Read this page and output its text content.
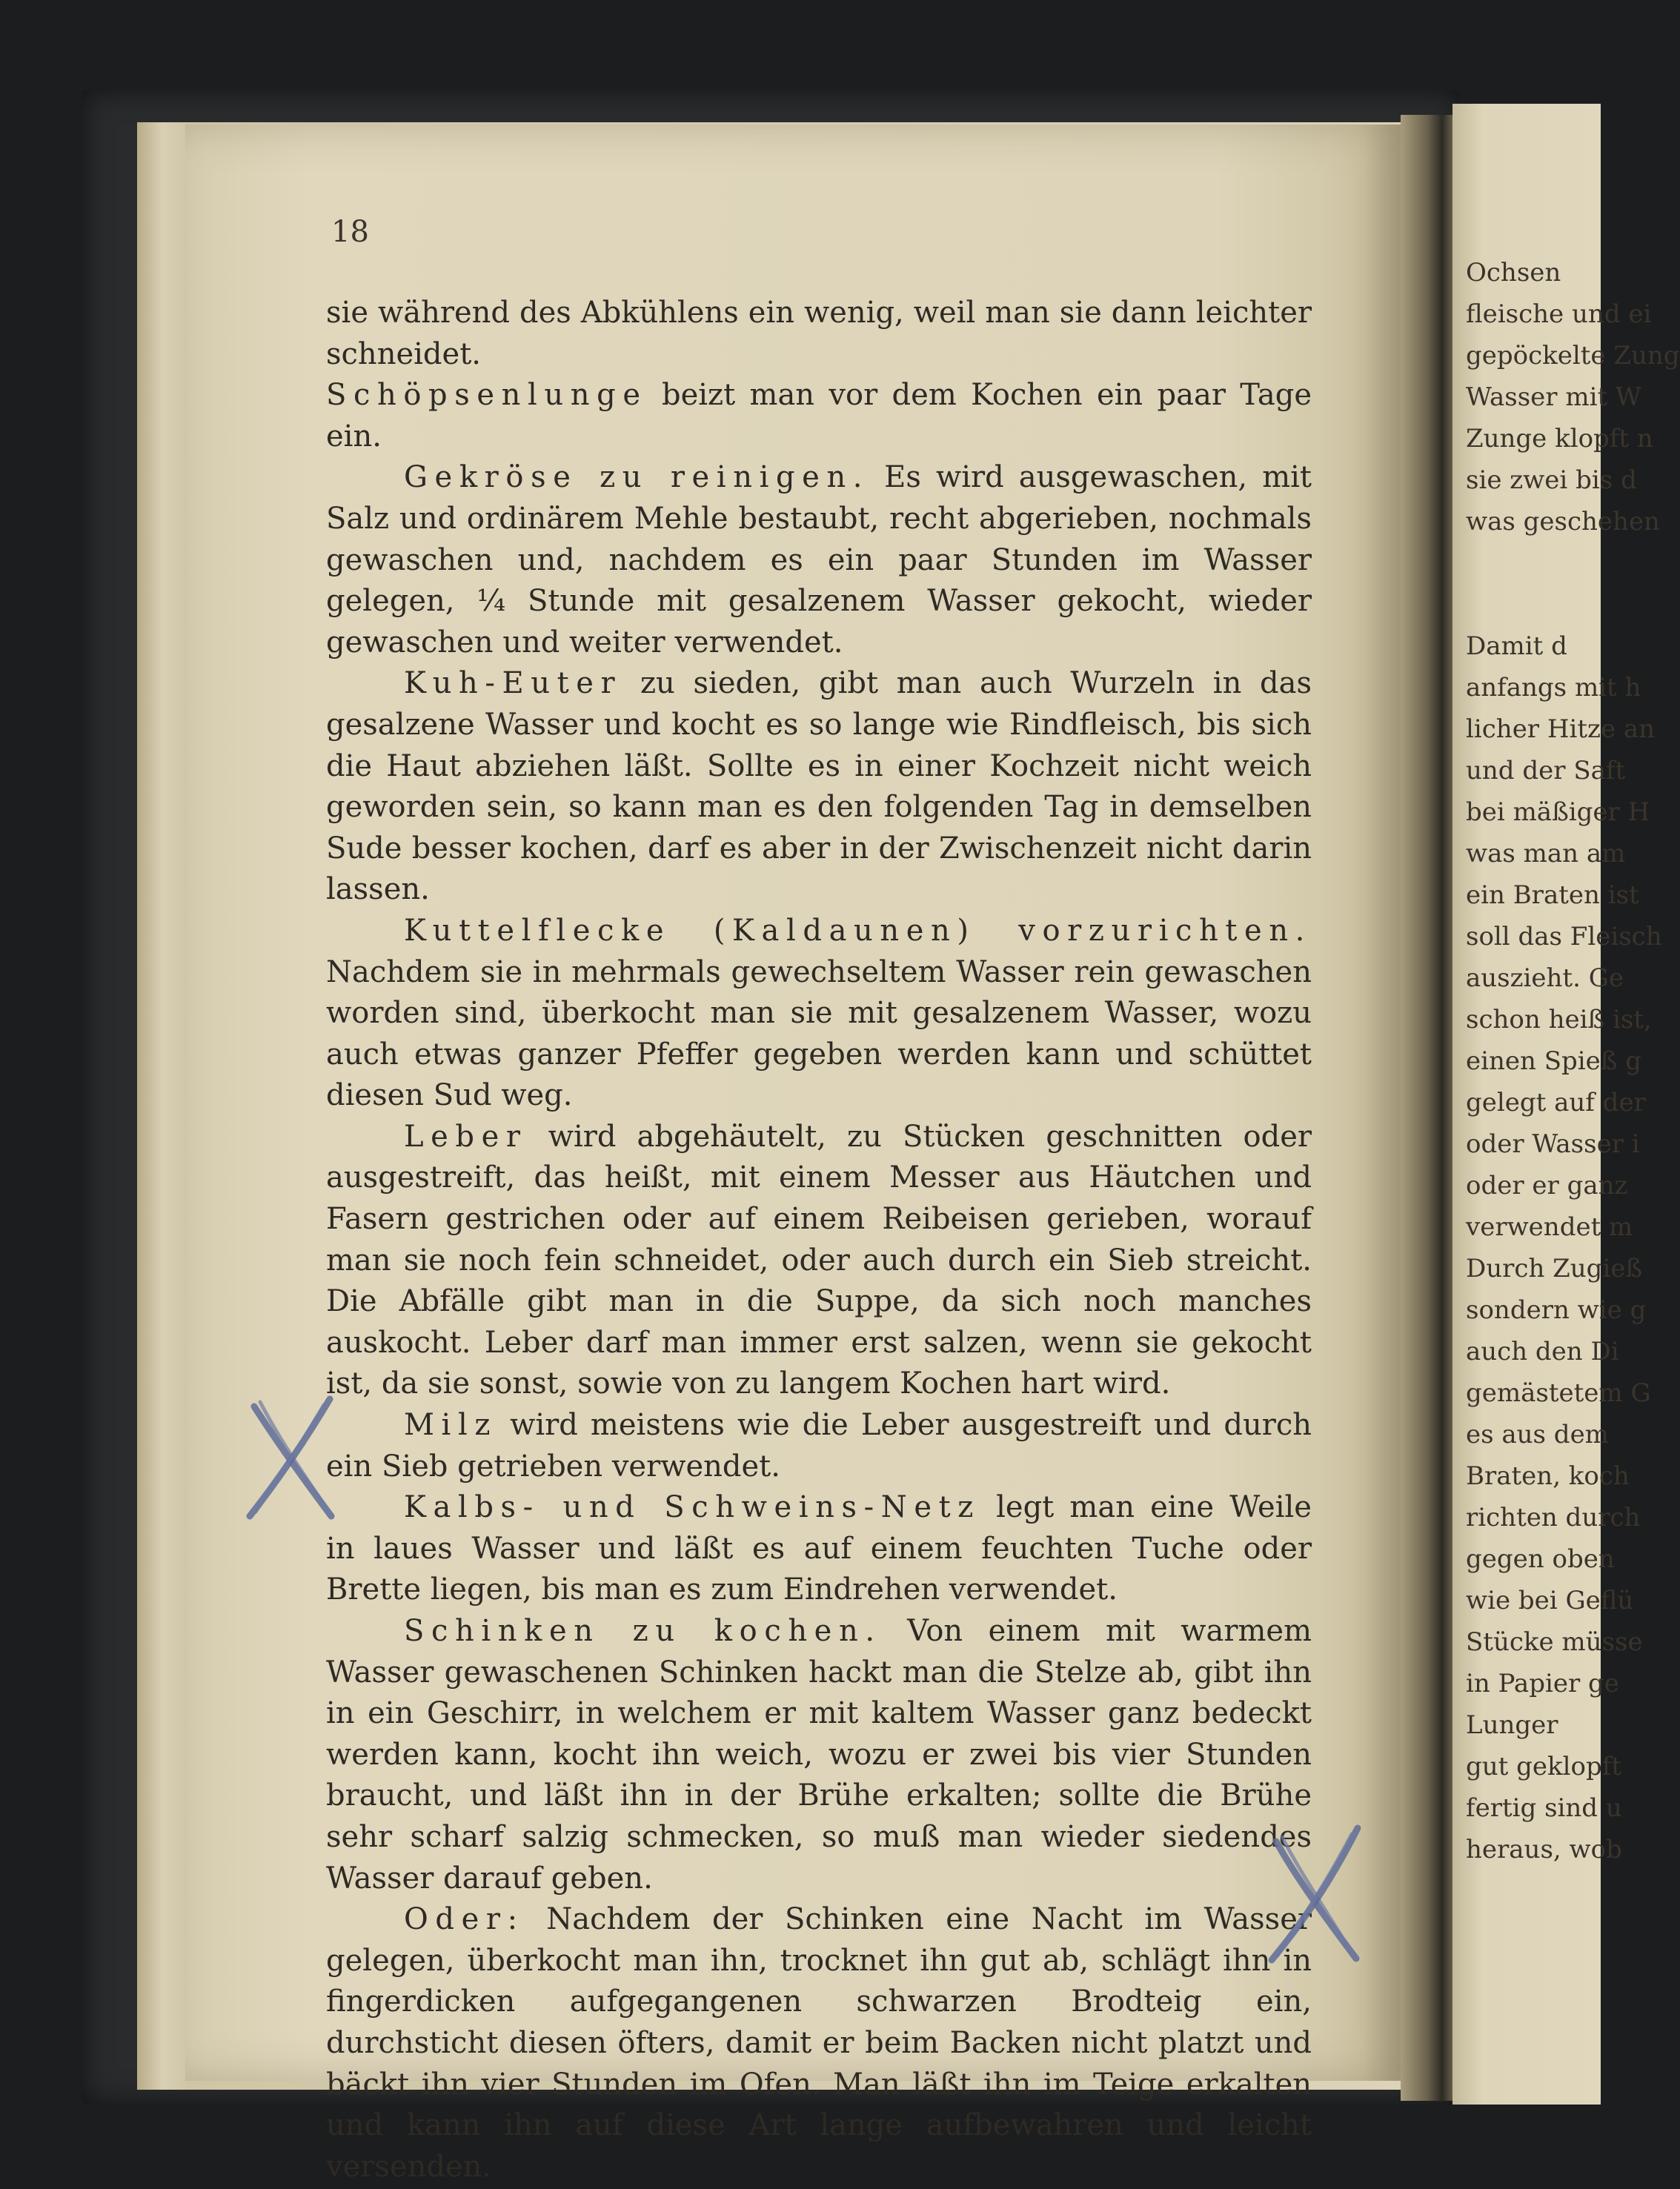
Ochsen
fleische und ei
gepöckelte Zung
Wasser mit W
Zunge klopft n
sie zwei bis d
was geschehen
Damit d
anfangs mit h
licher Hitze an
und der Saft
bei mäßiger H
was man am
ein Braten ist
soll das Fleisch
auszieht. Ge
schon heiß ist,
einen Spieß g
gelegt auf der
oder Wasser i
oder er ganz
verwendet m
Durch Zugieß
sondern wie g
auch den Di
gemästetem G
es aus dem
Braten, koch
richten durch
gegen oben
wie bei Geflü
Stücke müsse
in Papier ge
Lunger
gut geklopft
fertig sind u
heraus, wob

18

sie während des Abkühlens ein wenig, weil man sie dann leichter schneidet.

Schöpsenlunge beizt man vor dem Kochen ein paar Tage ein.

Gekröse zu reinigen. Es wird ausgewaschen, mit Salz und ordinärem Mehle bestaubt, recht abgerieben, nochmals gewaschen und, nachdem es ein paar Stunden im Wasser gelegen, ¼ Stunde mit gesalzenem Wasser gekocht, wieder gewaschen und weiter verwendet.

Kuh-Euter zu sieden, gibt man auch Wurzeln in das gesalzene Wasser und kocht es so lange wie Rindfleisch, bis sich die Haut abziehen läßt. Sollte es in einer Kochzeit nicht weich geworden sein, so kann man es den folgenden Tag in demselben Sude besser kochen, darf es aber in der Zwischenzeit nicht darin lassen.

Kuttelflecke (Kaldaunen) vorzurichten. Nachdem sie in mehrmals gewechseltem Wasser rein gewaschen worden sind, überkocht man sie mit gesalzenem Wasser, wozu auch etwas ganzer Pfeffer gegeben werden kann und schüttet diesen Sud weg.

Leber wird abgehäutelt, zu Stücken geschnitten oder ausgestreift, das heißt, mit einem Messer aus Häutchen und Fasern gestrichen oder auf einem Reibeisen gerieben, worauf man sie noch fein schneidet, oder auch durch ein Sieb streicht. Die Abfälle gibt man in die Suppe, da sich noch manches auskocht. Leber darf man immer erst salzen, wenn sie gekocht ist, da sie sonst, sowie von zu langem Kochen hart wird.

Milz wird meistens wie die Leber ausgestreift und durch ein Sieb getrieben verwendet.

Kalbs- und Schweins-Netz legt man eine Weile in laues Wasser und läßt es auf einem feuchten Tuche oder Brette liegen, bis man es zum Eindrehen verwendet.

Schinken zu kochen. Von einem mit warmem Wasser gewaschenen Schinken hackt man die Stelze ab, gibt ihn in ein Geschirr, in welchem er mit kaltem Wasser ganz bedeckt werden kann, kocht ihn weich, wozu er zwei bis vier Stunden braucht, und läßt ihn in der Brühe erkalten; sollte die Brühe sehr scharf salzig schmecken, so muß man wieder siedendes Wasser darauf geben.

Oder: Nachdem der Schinken eine Nacht im Wasser gelegen, überkocht man ihn, trocknet ihn gut ab, schlägt ihn in fingerdicken aufgegangenen schwarzen Brodteig ein, durchsticht diesen öfters, damit er beim Backen nicht platzt und bäckt ihn vier Stunden im Ofen. Man läßt ihn im Teige erkalten und kann ihn auf diese Art lange aufbewahren und leicht versenden.
